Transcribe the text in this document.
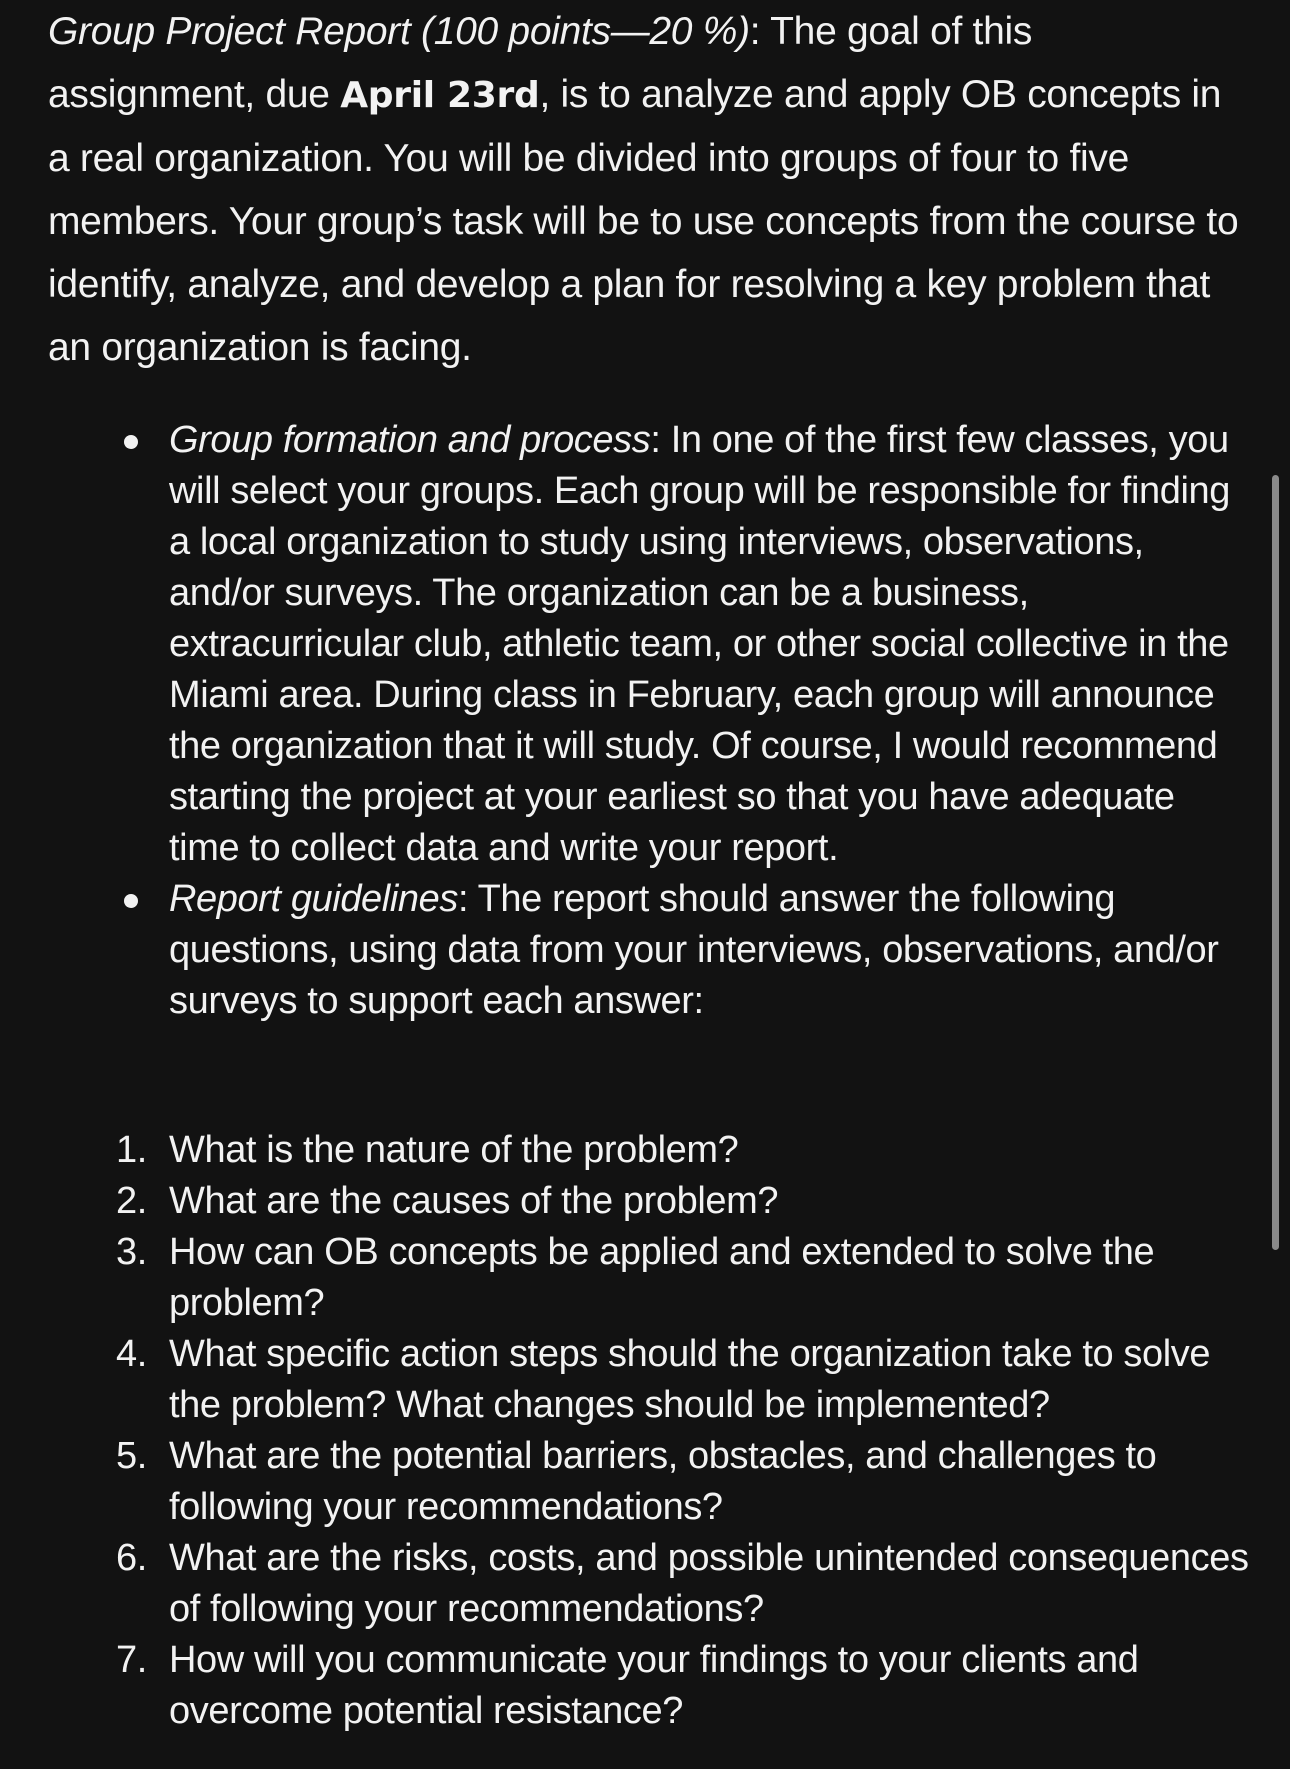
Group Project Report (100 points—20 %): The goal of this assignment, due April 23rd, is to analyze and apply OB concepts in a real organization. You will be divided into groups of four to five members. Your group’s task will be to use concepts from the course to identify, analyze, and develop a plan for resolving a key problem that an organization is facing.

Group formation and process: In one of the first few classes, you will select your groups. Each group will be responsible for finding a local organization to study using interviews, observations, and/or surveys. The organization can be a business, extracurricular club, athletic team, or other social collective in the Miami area. During class in February, each group will announce the organization that it will study. Of course, I would recommend starting the project at your earliest so that you have adequate time to collect data and write your report.
Report guidelines: The report should answer the following questions, using data from your interviews, observations, and/or surveys to support each answer:
1. What is the nature of the problem?
2. What are the causes of the problem?
3. How can OB concepts be applied and extended to solve the problem?
4. What specific action steps should the organization take to solve the problem? What changes should be implemented?
5. What are the potential barriers, obstacles, and challenges to following your recommendations?
6. What are the risks, costs, and possible unintended consequences of following your recommendations?
7. How will you communicate your findings to your clients and overcome potential resistance?
